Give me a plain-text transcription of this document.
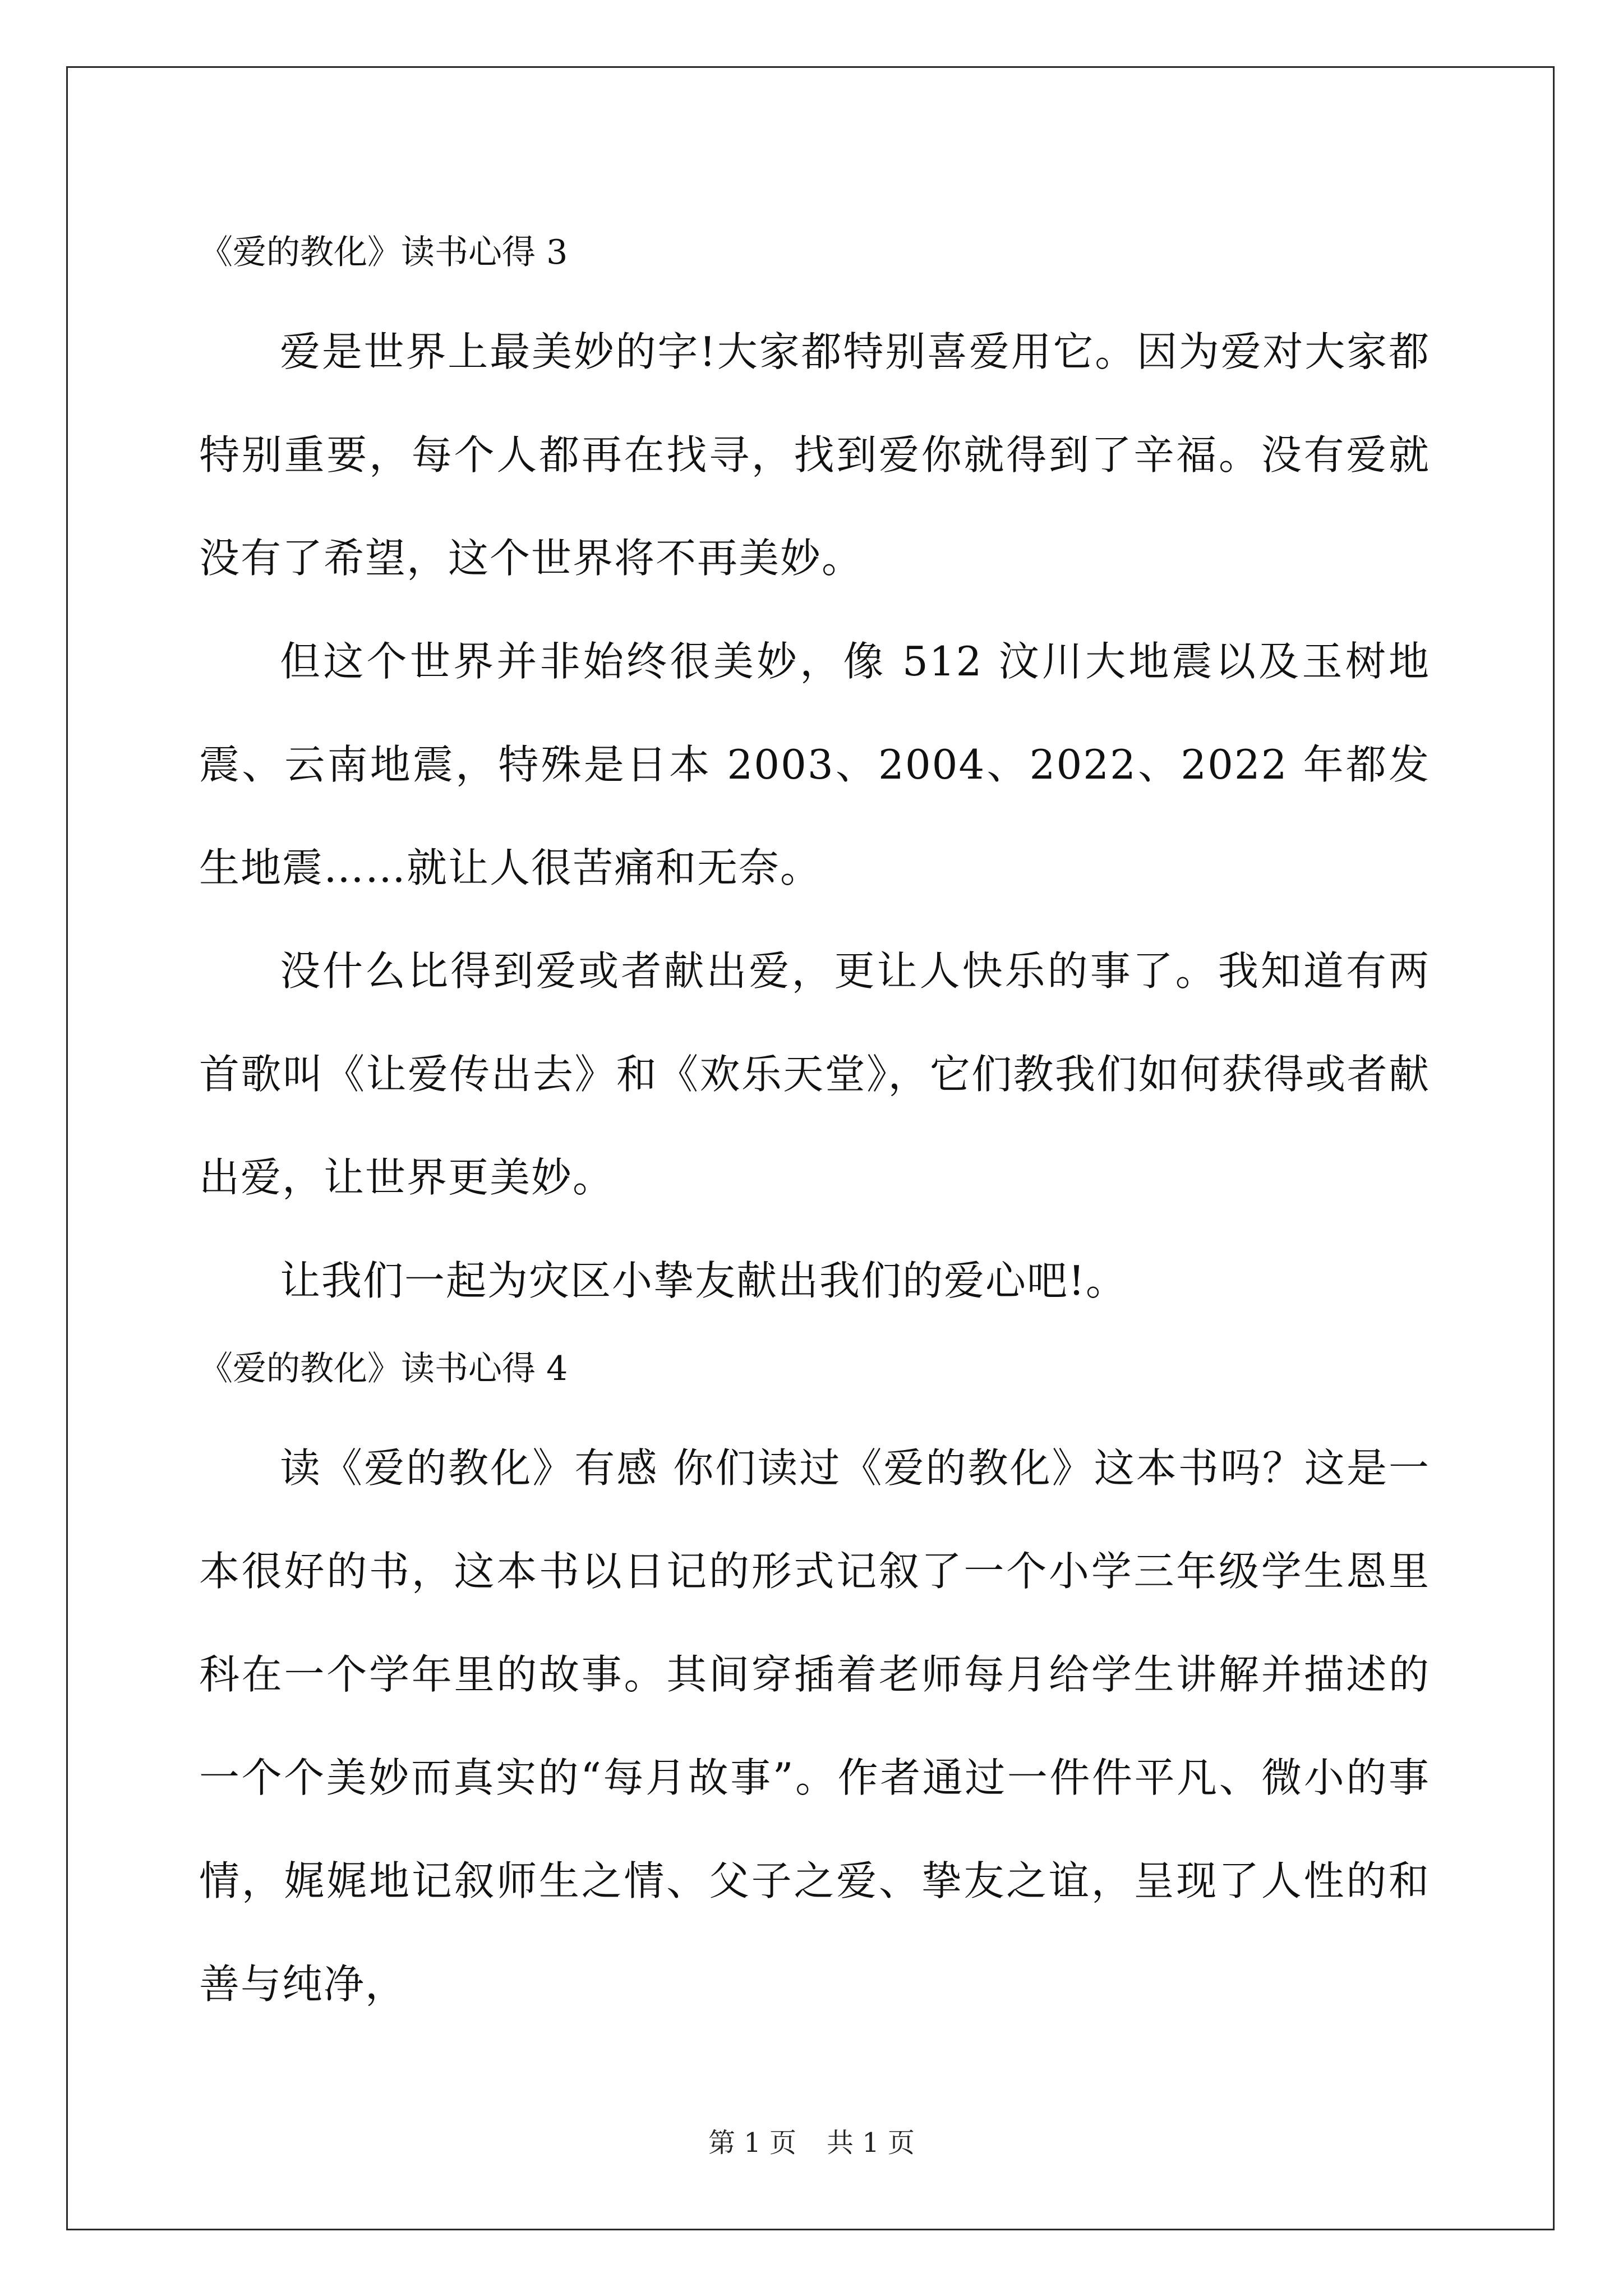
《爱的教化》读书心得 3

爱是世界上最美妙的字!大家都特别喜爱用它。因为爱对大家都特别重要，每个人都再在找寻，找到爱你就得到了辛福。没有爱就没有了希望，这个世界将不再美妙。

但这个世界并非始终很美妙，像 512 汶川大地震以及玉树地震、云南地震，特殊是日本 2003、2004、2022、2022 年都发生地震……就让人很苦痛和无奈。

没什么比得到爱或者献出爱，更让人快乐的事了。我知道有两首歌叫《让爱传出去》和《欢乐天堂》，它们教我们如何获得或者献出爱，让世界更美妙。

让我们一起为灾区小挚友献出我们的爱心吧!。

《爱的教化》读书心得 4

读《爱的教化》有感 你们读过《爱的教化》这本书吗？这是一本很好的书，这本书以日记的形式记叙了一个小学三年级学生恩里科在一个学年里的故事。其间穿插着老师每月给学生讲解并描述的一个个美妙而真实的“每月故事”。作者通过一件件平凡、微小的事情，娓娓地记叙师生之情、父子之爱、挚友之谊，呈现了人性的和善与纯净，

第 1 页 共 1 页
